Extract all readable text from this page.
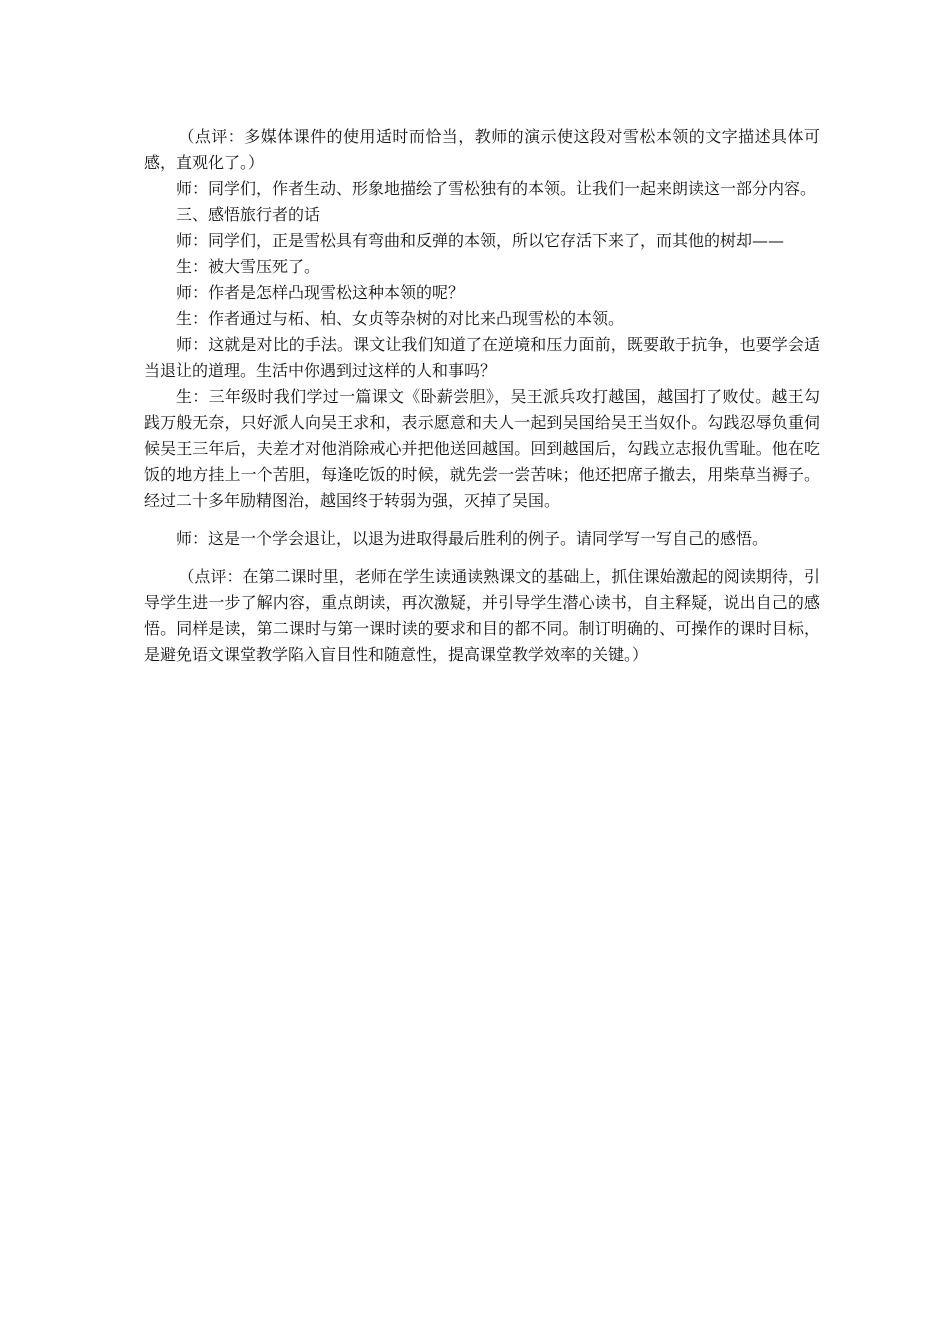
（点评：多媒体课件的使用适时而恰当，教师的演示使这段对雪松本领的文字描述具体可感，直观化了。）

师：同学们，作者生动、形象地描绘了雪松独有的本领。让我们一起来朗读这一部分内容。

三、感悟旅行者的话

师：同学们，正是雪松具有弯曲和反弹的本领，所以它存活下来了，而其他的树却——

生：被大雪压死了。

师：作者是怎样凸现雪松这种本领的呢？

生：作者通过与柘、柏、女贞等杂树的对比来凸现雪松的本领。

师：这就是对比的手法。课文让我们知道了在逆境和压力面前，既要敢于抗争，也要学会适当退让的道理。生活中你遇到过这样的人和事吗？

生：三年级时我们学过一篇课文《卧薪尝胆》，吴王派兵攻打越国，越国打了败仗。越王勾践万般无奈，只好派人向吴王求和，表示愿意和夫人一起到吴国给吴王当奴仆。勾践忍辱负重伺候吴王三年后，夫差才对他消除戒心并把他送回越国。回到越国后，勾践立志报仇雪耻。他在吃饭的地方挂上一个苦胆，每逢吃饭的时候，就先尝一尝苦味；他还把席子撤去，用柴草当褥子。经过二十多年励精图治，越国终于转弱为强，灭掉了吴国。

师：这是一个学会退让，以退为进取得最后胜利的例子。请同学写一写自己的感悟。

（点评：在第二课时里，老师在学生读通读熟课文的基础上，抓住课始激起的阅读期待，引导学生进一步了解内容，重点朗读，再次激疑，并引导学生潜心读书，自主释疑，说出自己的感悟。同样是读，第二课时与第一课时读的要求和目的都不同。制订明确的、可操作的课时目标，是避免语文课堂教学陷入盲目性和随意性，提高课堂教学效率的关键。）
